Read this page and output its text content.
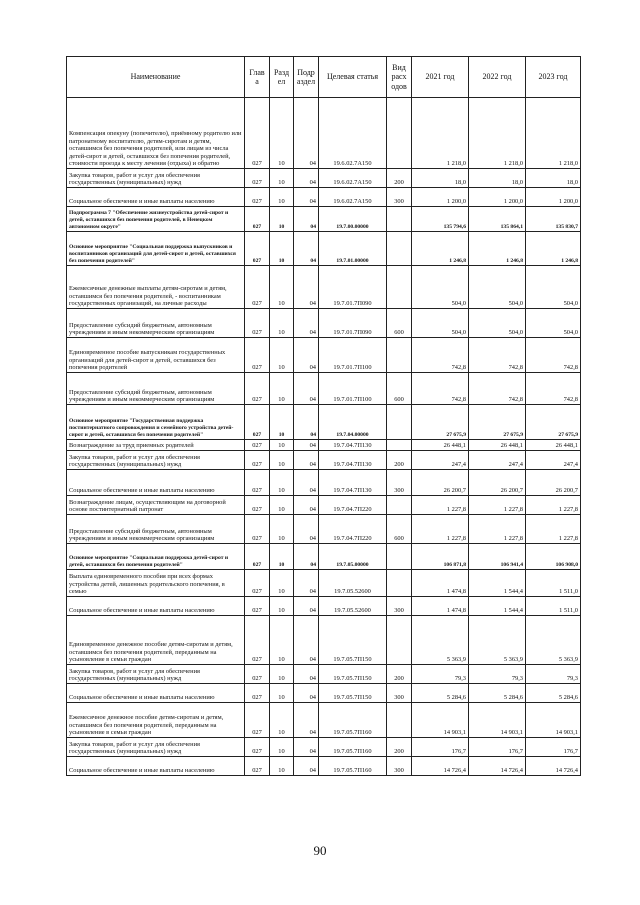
Наименование	Глав а	Разд ел	Подр аздел	Целевая статья	Вид расх одов	2021 год	2022 год	2023 год
Компенсация опекуну (попечителю), приёмному родителю или патронатному воспитателю, детям-сиротам и детям, оставшимся без попечения родителей, или лицам из числа детей-сирот и детей, оставшихся без попечения родителей, стоимости проезда к месту лечения (отдыха) и обратно	027	10	04	19.6.02.7А150		1 218,0	1 218,0	1 218,0
Закупка товаров, работ и услуг для обеспечения государственных (муниципальных) нужд	027	10	04	19.6.02.7А150	200	18,0	18,0	18,0
Социальное обеспечение и иные выплаты населению	027	10	04	19.6.02.7А150	300	1 200,0	1 200,0	1 200,0
Подпрограмма 7 "Обеспечение жизнеустройства детей-сирот и детей, оставшихся без попечения родителей, в Ненецком автономном округе"	027	10	04	19.7.00.00000		135 794,6	135 864,1	135 830,7
Основное мероприятие "Социальная поддержка выпускников и воспитанников организаций для детей-сирот и детей, оставшихся без попечения родителей"	027	10	04	19.7.01.00000		1 246,8	1 246,8	1 246,8
Ежемесячные денежные выплаты детям-сиротам и детям, оставшимся без попечения родителей, - воспитанникам государственных организаций, на личные расходы	027	10	04	19.7.01.7П090		504,0	504,0	504,0
Предоставление субсидий бюджетным, автономным учреждениям и иным некоммерческим организациям	027	10	04	19.7.01.7П090	600	504,0	504,0	504,0
Единовременное пособие выпускникам государственных организаций для детей-сирот и детей, оставшихся без попечения родителей	027	10	04	19.7.01.7П100		742,8	742,8	742,8
Предоставление субсидий бюджетным, автономным учреждениям и иным некоммерческим организациям	027	10	04	19.7.01.7П100	600	742,8	742,8	742,8
Основное мероприятие "Государственная поддержка постинтернатного сопровождения и семейного устройства детей-сирот и детей, оставшихся без попечения родителей"	027	10	04	19.7.04.00000		27 675,9	27 675,9	27 675,9
Вознаграждение за труд приемных родителей	027	10	04	19.7.04.7П130		26 448,1	26 448,1	26 448,1
Закупка товаров, работ и услуг для обеспечения государственных (муниципальных) нужд	027	10	04	19.7.04.7П130	200	247,4	247,4	247,4
Социальное обеспечение и иные выплаты населению	027	10	04	19.7.04.7П130	300	26 200,7	26 200,7	26 200,7
Вознаграждение лицам, осуществляющим на договорной основе постинтернатный патронат	027	10	04	19.7.04.7П220		1 227,8	1 227,8	1 227,8
Предоставление субсидий бюджетным, автономным учреждениям и иным некоммерческим организациям	027	10	04	19.7.04.7П220	600	1 227,8	1 227,8	1 227,8
Основное мероприятие "Социальная поддержка детей-сирот и детей, оставшихся без попечения родителей"	027	10	04	19.7.05.00000		106 871,8	106 941,4	106 908,0
Выплата единовременного пособия при всех формах устройства детей, лишенных родительского попечения, в семью	027	10	04	19.7.05.52600		1 474,8	1 544,4	1 511,0
Социальное обеспечение и иные выплаты населению	027	10	04	19.7.05.52600	300	1 474,8	1 544,4	1 511,0
Единовременное денежное пособие детям-сиротам и детям, оставшимся без попечения родителей, переданным на усыновление в семьи граждан	027	10	04	19.7.05.7П150		5 363,9	5 363,9	5 363,9
Закупка товаров, работ и услуг для обеспечения государственных (муниципальных) нужд	027	10	04	19.7.05.7П150	200	79,3	79,3	79,3
Социальное обеспечение и иные выплаты населению	027	10	04	19.7.05.7П150	300	5 284,6	5 284,6	5 284,6
Ежемесячное денежное пособие детям-сиротам и детям, оставшимся без попечения родителей, переданным на усыновление в семьи граждан	027	10	04	19.7.05.7П160		14 903,1	14 903,1	14 903,1
Закупка товаров, работ и услуг для обеспечения государственных (муниципальных) нужд	027	10	04	19.7.05.7П160	200	176,7	176,7	176,7
Социальное обеспечение и иные выплаты населению	027	10	04	19.7.05.7П160	300	14 726,4	14 726,4	14 726,4
90
